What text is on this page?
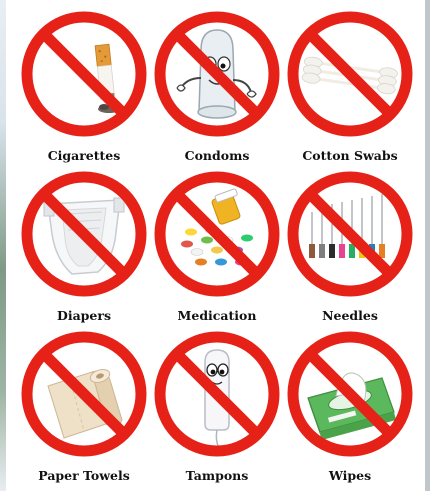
Cigarettes	Condoms	Cotton Swabs
Diapers	Medication	Needles
Paper Towels	Tampons	Wipes
